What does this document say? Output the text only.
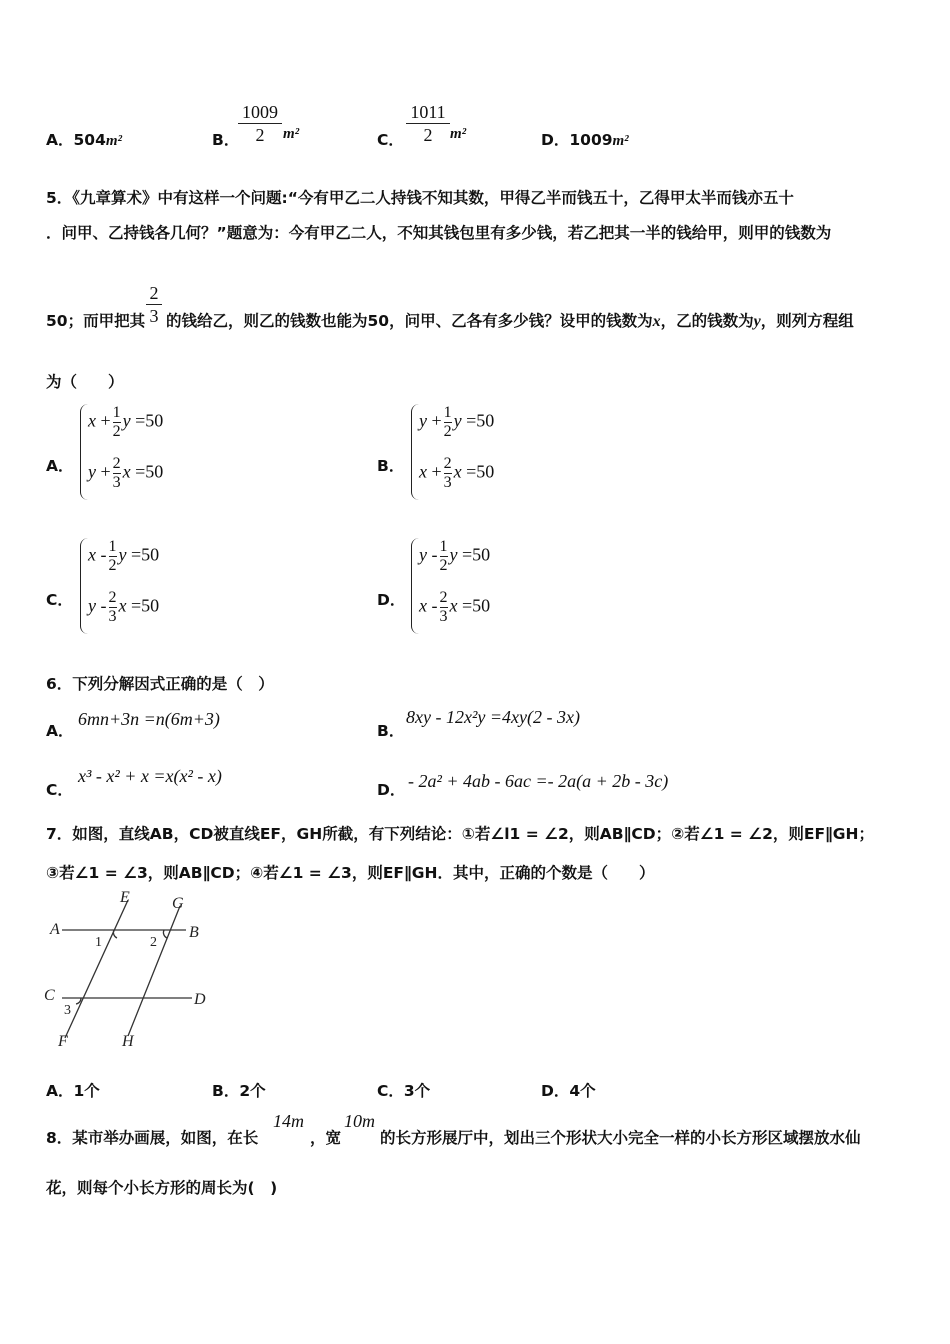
A．504m²	B．
1009
2	m²	C．
1011
2	m²	D．1009m²
5．《九章算术》中有这样一个问题:“今有甲乙二人持钱不知其数，甲得乙半而钱五十，乙得甲太半而钱亦五十
．问甲、乙持钱各几何？”题意为：今有甲乙二人，不知其钱包里有多少钱，若乙把其一半的钱给甲，则甲的钱数为
50；而甲把其
2
3 的钱给乙，则乙的钱数也能为50，问甲、乙各有多少钱？设甲的钱数为x，乙的钱数为y，则列方程组
为（　　）
A．
$x + \frac{1}{2}$ y =50
$y + \frac{2}{3}$ x =50	B．
$y + \frac{1}{2}$ y =50
$x + \frac{2}{3}$ x =50
C．
x - $\frac{1}{2}$ y =50
y - $\frac{2}{3}$ x =50	D．
y - $\frac{1}{2}$ y =50
x - $\frac{2}{3}$ x =50
6．下列分解因式正确的是（　）
A．
6mn+3n =n(6m+3)
B．
8xy - 12x²y =4xy(2 - 3x)
C．
x³ - x² + x =x(x² - x)
D． - 2a² + 4ab - 6ac =- 2a(a + 2b - 3c)
7．如图，直线AB，CD被直线EF，GH所截，有下列结论：①若∠l1 = ∠2，则AB∥CD；②若∠1 = ∠2，则EF∥GH；
③若∠1 = ∠3，则AB∥CD；④若∠1 = ∠3，则EF∥GH．其中，正确的个数是（　　）
A	B
C	D
E	G
F	H
1	2
3
A．1个	B．2个	C．3个	D．4个
8．某市举办画展，如图，在长
14m
，宽
10m
的长方形展厅中，划出三个形状大小完全一样的小长方形区域摆放水仙
花，则每个小长方形的周长为(　)
